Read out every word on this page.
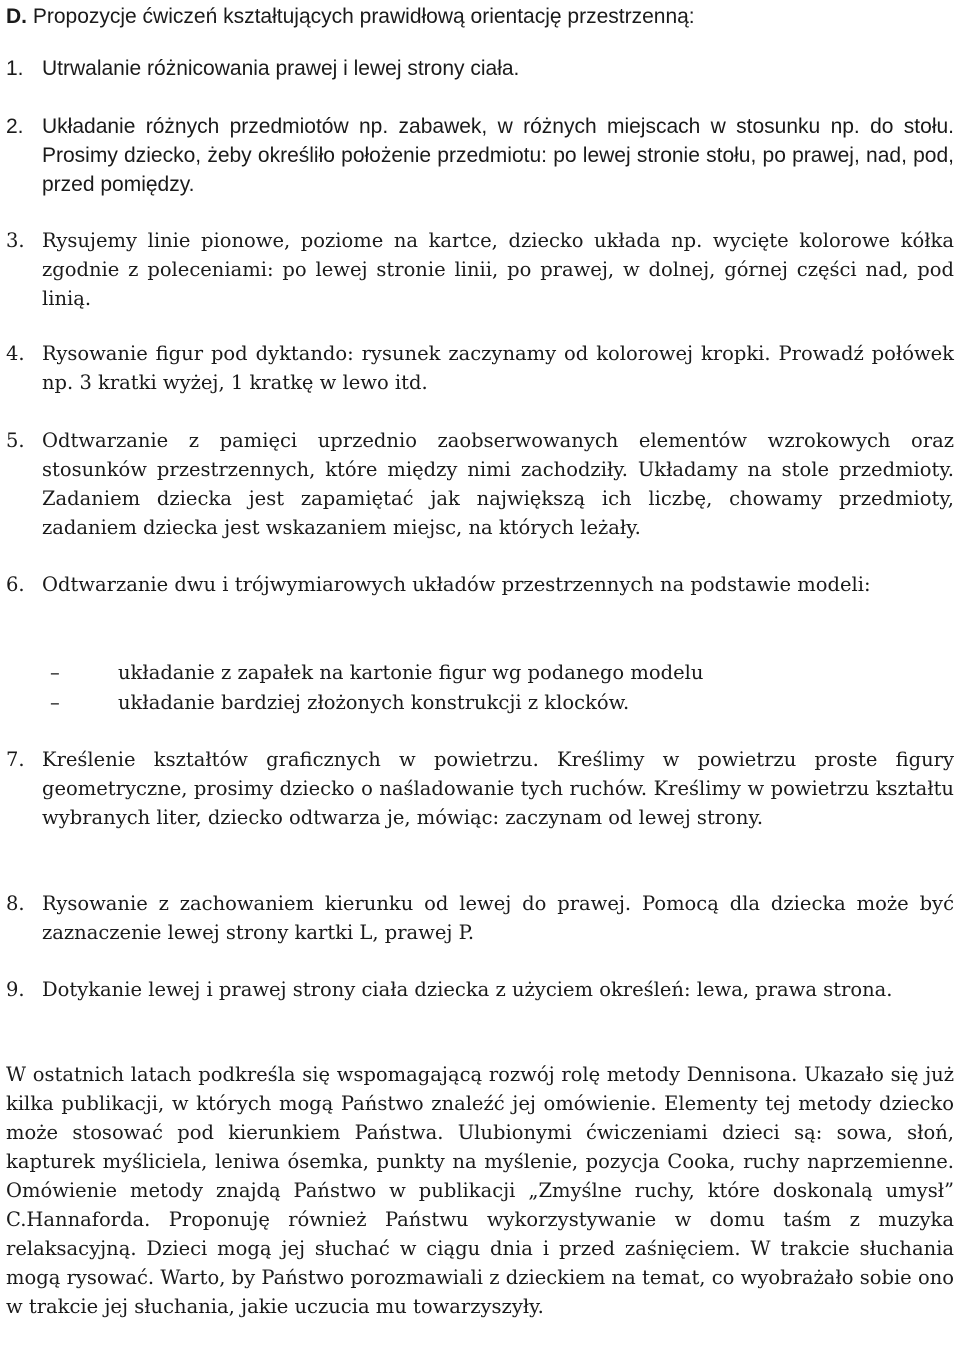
D. Propozycje ćwiczeń kształtujących prawidłową orientację przestrzenną:
1. Utrwalanie różnicowania prawej i lewej strony ciała.
2. Układanie różnych przedmiotów np. zabawek, w różnych miejscach w stosunku np. do stołu. Prosimy dziecko, żeby określiło położenie przedmiotu: po lewej stronie stołu, po prawej, nad, pod, przed pomiędzy.
3. Rysujemy linie pionowe, poziome na kartce, dziecko układa np. wycięte kolorowe kółka zgodnie z poleceniami: po lewej stronie linii, po prawej, w dolnej, górnej części nad, pod linią.
4. Rysowanie figur pod dyktando: rysunek zaczynamy od kolorowej kropki. Prowadź połówek np. 3 kratki wyżej, 1 kratkę w lewo itd.
5. Odtwarzanie z pamięci uprzednio zaobserwowanych elementów wzrokowych oraz stosunków przestrzennych, które między nimi zachodziły. Układamy na stole przedmioty. Zadaniem dziecka jest zapamiętać jak największą ich liczbę, chowamy przedmioty, zadaniem dziecka jest wskazaniem miejsc, na których leżały.
6. Odtwarzanie dwu i trójwymiarowych układów przestrzennych na podstawie modeli:
–	układanie z zapałek na kartonie figur wg podanego modelu
–	układanie bardziej złożonych konstrukcji z klocków.
7. Kreślenie kształtów graficznych w powietrzu. Kreślimy w powietrzu proste figury geometryczne, prosimy dziecko o naśladowanie tych ruchów. Kreślimy w powietrzu kształtu wybranych liter, dziecko odtwarza je, mówiąc: zaczynam od lewej strony.
8. Rysowanie z zachowaniem kierunku od lewej do prawej. Pomocą dla dziecka może być zaznaczenie lewej strony kartki L, prawej P.
9. Dotykanie lewej i prawej strony ciała dziecka z użyciem określeń: lewa, prawa strona.
W ostatnich latach podkreśla się wspomagającą rozwój rolę metody Dennisona. Ukazało się już kilka publikacji, w których mogą Państwo znaleźć jej omówienie. Elementy tej metody dziecko może stosować pod kierunkiem Państwa. Ulubionymi ćwiczeniami dzieci są: sowa, słoń, kapturek myśliciela, leniwa ósemka, punkty na myślenie, pozycja Cooka, ruchy naprzemienne. Omówienie metody znajdą Państwo w publikacji „Zmyślne ruchy, które doskonalą umysł” C.Hannaforda. Proponuję również Państwu wykorzystywanie w domu taśm z muzyka relaksacyjną. Dzieci mogą jej słuchać w ciągu dnia i przed zaśnięciem. W trakcie słuchania mogą rysować. Warto, by Państwo porozmawiali z dzieckiem na temat, co wyobrażało sobie ono w trakcie jej słuchania, jakie uczucia mu towarzyszyły.
